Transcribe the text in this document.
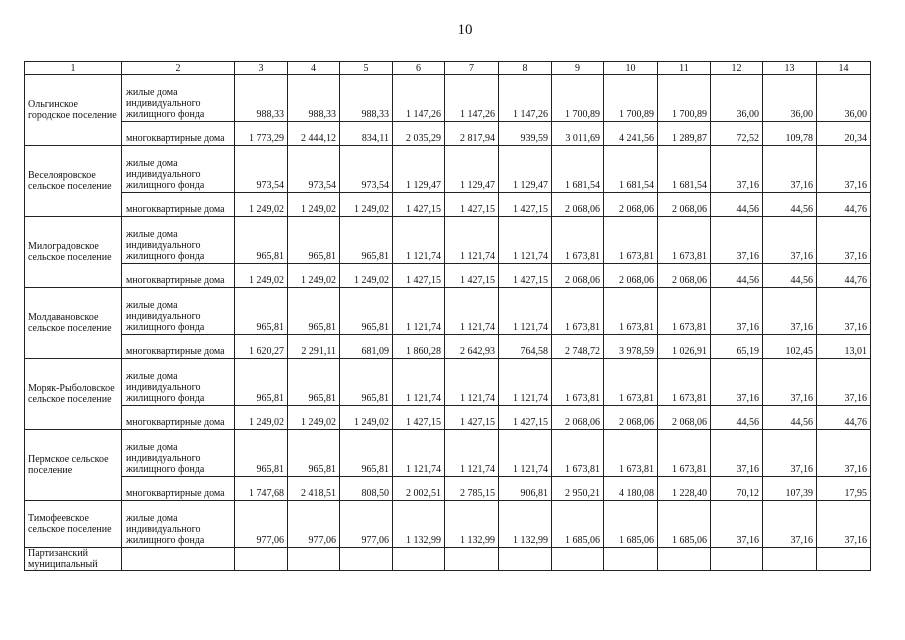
10
1	2	3	4	5	6	7	8	9	10	11	12	13	14
Ольгинское городское поселение	жилые дома индивидуального жилищного фонда	988,33	988,33	988,33	1 147,26	1 147,26	1 147,26	1 700,89	1 700,89	1 700,89	36,00	36,00	36,00
	многоквартирные дома	1 773,29	2 444,12	834,11	2 035,29	2 817,94	939,59	3 011,69	4 241,56	1 289,87	72,52	109,78	20,34
Веселояровское сельское поселение	жилые дома индивидуального жилищного фонда	973,54	973,54	973,54	1 129,47	1 129,47	1 129,47	1 681,54	1 681,54	1 681,54	37,16	37,16	37,16
	многоквартирные дома	1 249,02	1 249,02	1 249,02	1 427,15	1 427,15	1 427,15	2 068,06	2 068,06	2 068,06	44,56	44,56	44,76
Милоградовское сельское поселение	жилые дома индивидуального жилищного фонда	965,81	965,81	965,81	1 121,74	1 121,74	1 121,74	1 673,81	1 673,81	1 673,81	37,16	37,16	37,16
	многоквартирные дома	1 249,02	1 249,02	1 249,02	1 427,15	1 427,15	1 427,15	2 068,06	2 068,06	2 068,06	44,56	44,56	44,76
Молдавановское сельское поселение	жилые дома индивидуального жилищного фонда	965,81	965,81	965,81	1 121,74	1 121,74	1 121,74	1 673,81	1 673,81	1 673,81	37,16	37,16	37,16
	многоквартирные дома	1 620,27	2 291,11	681,09	1 860,28	2 642,93	764,58	2 748,72	3 978,59	1 026,91	65,19	102,45	13,01
Моряк-Рыболовское сельское поселение	жилые дома индивидуального жилищного фонда	965,81	965,81	965,81	1 121,74	1 121,74	1 121,74	1 673,81	1 673,81	1 673,81	37,16	37,16	37,16
	многоквартирные дома	1 249,02	1 249,02	1 249,02	1 427,15	1 427,15	1 427,15	2 068,06	2 068,06	2 068,06	44,56	44,56	44,76
Пермское сельское поселение	жилые дома индивидуального жилищного фонда	965,81	965,81	965,81	1 121,74	1 121,74	1 121,74	1 673,81	1 673,81	1 673,81	37,16	37,16	37,16
	многоквартирные дома	1 747,68	2 418,51	808,50	2 002,51	2 785,15	906,81	2 950,21	4 180,08	1 228,40	70,12	107,39	17,95
Тимофеевское сельское поселение	жилые дома индивидуального жилищного фонда	977,06	977,06	977,06	1 132,99	1 132,99	1 132,99	1 685,06	1 685,06	1 685,06	37,16	37,16	37,16
Партизанский муниципальный													
